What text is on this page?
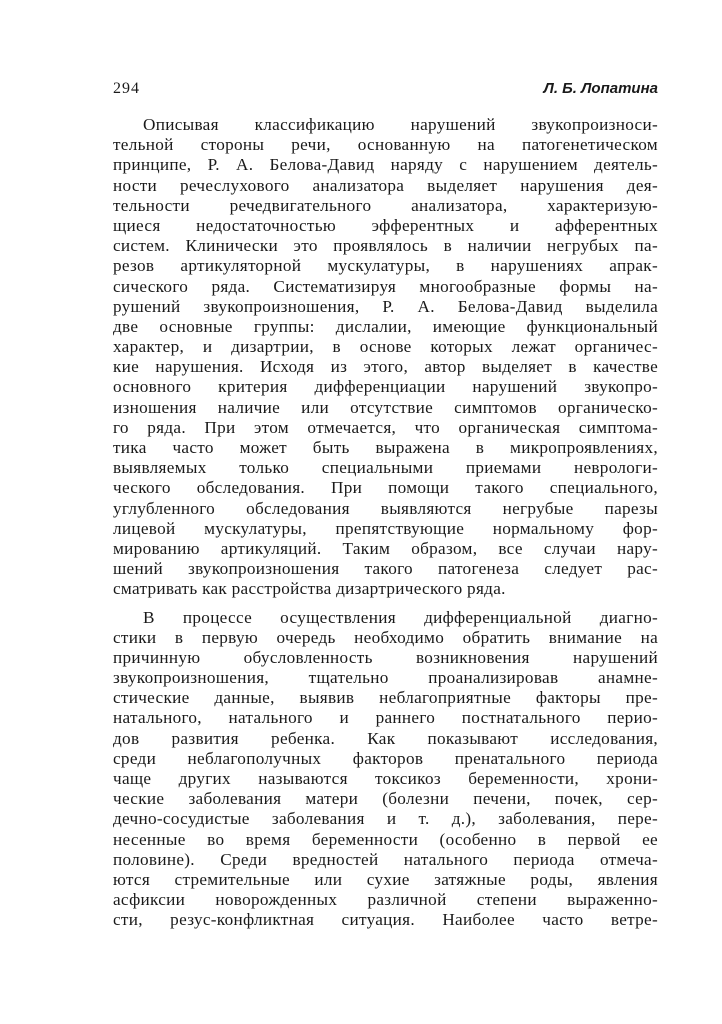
294	Л. Б. Лопатина
Описывая классификацию нарушений звукопроизноси-
тельной стороны речи, основанную на патогенетическом
принципе, Р. А. Белова-Давид наряду с нарушением деятель-
ности речеслухового анализатора выделяет нарушения дея-
тельности речедвигательного анализатора, характеризую-
щиеся недостаточностью эфферентных и афферентных
систем. Клинически это проявлялось в наличии негрубых па-
резов артикуляторной мускулатуры, в нарушениях апрак-
сического ряда. Систематизируя многообразные формы на-
рушений звукопроизношения, Р. А. Белова-Давид выделила
две основные группы: дислалии, имеющие функциональный
характер, и дизартрии, в основе которых лежат органичес-
кие нарушения. Исходя из этого, автор выделяет в качестве
основного критерия дифференциации нарушений звукопро-
изношения наличие или отсутствие симптомов органическо-
го ряда. При этом отмечается, что органическая симптома-
тика часто может быть выражена в микропроявлениях,
выявляемых только специальными приемами неврологи-
ческого обследования. При помощи такого специального,
углубленного обследования выявляются негрубые парезы
лицевой мускулатуры, препятствующие нормальному фор-
мированию артикуляций. Таким образом, все случаи нару-
шений звукопроизношения такого патогенеза следует рас-
сматривать как расстройства дизартрического ряда.
В процессе осуществления дифференциальной диагно-
стики в первую очередь необходимо обратить внимание на
причинную обусловленность возникновения нарушений
звукопроизношения, тщательно проанализировав анамне-
стические данные, выявив неблагоприятные факторы пре-
натального, натального и раннего постнатального перио-
дов развития ребенка. Как показывают исследования,
среди неблагополучных факторов пренатального периода
чаще других называются токсикоз беременности, хрони-
ческие заболевания матери (болезни печени, почек, сер-
дечно-сосудистые заболевания и т. д.), заболевания, пере-
несенные во время беременности (особенно в первой ее
половине). Среди вредностей натального периода отмеча-
ются стремительные или сухие затяжные роды, явления
асфиксии новорожденных различной степени выраженно-
сти, резус-конфликтная ситуация. Наиболее часто ветре-
